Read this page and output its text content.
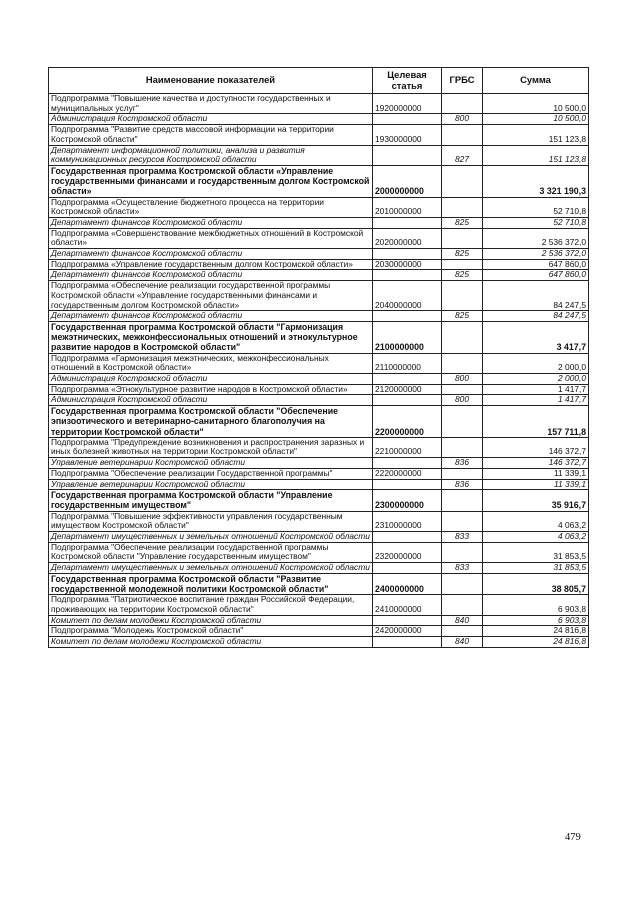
Наименование показателей	Целевая статья	ГРБС	Сумма
Подпрограмма "Повышение качества и доступности государственных и муниципальных услуг"	1920000000		10 500,0
Администрация Костромской области		800	10 500,0
Подпрограмма "Развитие средств массовой информации на территории Костромской области"	1930000000		151 123,8
Департамент информационной политики, анализа и развития коммуникационных ресурсов Костромской области		827	151 123,8
Государственная программа Костромской области «Управление государственными финансами и государственным долгом Костромской области»	2000000000		3 321 190,3
Подпрограмма «Осуществление бюджетного процесса на территории Костромской области»	2010000000		52 710,8
Департамент финансов Костромской области		825	52 710,8
Подпрограмма «Совершенствование межбюджетных отношений в Костромской области»	2020000000		2 536 372,0
Департамент финансов Костромской области		825	2 536 372,0
Подпрограмма «Управление государственным долгом Костромской области»	2030000000		647 860,0
Департамент финансов Костромской области		825	647 860,0
Подпрограмма «Обеспечение реализации государственной программы Костромской области «Управление государственными финансами и государственным долгом Костромской области»	2040000000		84 247,5
Департамент финансов Костромской области		825	84 247,5
Государственная программа Костромской области "Гармонизация межэтнических, межконфессиональных отношений и этнокультурное развитие народов в Костромской области"	2100000000		3 417,7
Подпрограмма «Гармонизация межэтнических, межконфессиональных отношений в Костромской области»	2110000000		2 000,0
Администрация Костромской области		800	2 000,0
Подпрограмма «Этнокультурное развитие народов в Костромской области»	2120000000		1 417,7
Администрация Костромской области		800	1 417,7
Государственная программа Костромской области "Обеспечение эпизоотического и ветеринарно-санитарного благополучия на территории Костромской области"	2200000000		157 711,8
Подпрограмма "Предупреждение возникновения и распространения заразных и иных болезней животных на территории Костромской области"	2210000000		146 372,7
Управление ветеринарии Костромской области		836	146 372,7
Подпрограмма "Обеспечение реализации Государственной программы"	2220000000		11 339,1
Управление ветеринарии Костромской области		836	11 339,1
Государственная программа Костромской области "Управление государственным имуществом"	2300000000		35 916,7
Подпрограмма "Повышение эффективности управления государственным имуществом Костромской области"	2310000000		4 063,2
Департамент имущественных и земельных отношений Костромской области		833	4 063,2
Подпрограмма "Обеспечение реализации государственной программы Костромской области "Управление государственным имуществом"	2320000000		31 853,5
Департамент имущественных и земельных отношений Костромской области		833	31 853,5
Государственная программа Костромской области "Развитие государственной молодежной политики Костромской области"	2400000000		38 805,7
Подпрограмма "Патриотическое воспитание граждан Российской Федерации, проживающих на территории Костромской области"	2410000000		6 903,8
Комитет по делам молодежи Костромской области		840	6 903,8
Подпрограмма "Молодежь Костромской области"	2420000000		24 816,8
Комитет по делам молодежи Костромской области		840	24 816,8
479
